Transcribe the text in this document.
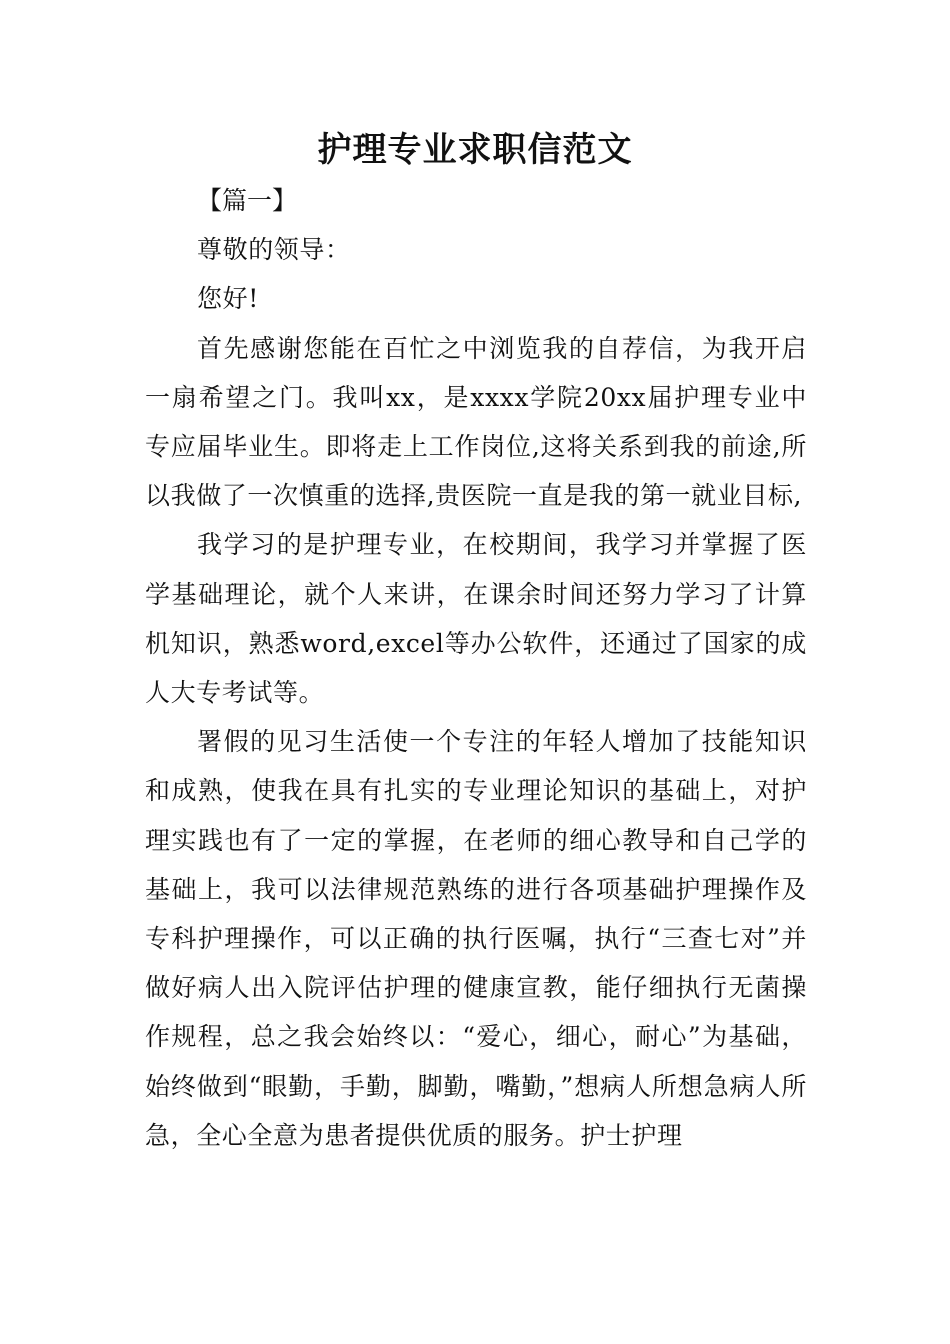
护理专业求职信范文

【篇一】

尊敬的领导：

您好!

首先感谢您能在百忙之中浏览我的自荐信，为我开启一扇希望之门。我叫xx，是xxxx学院20xx届护理专业中专应届毕业生。即将走上工作岗位,这将关系到我的前途,所以我做了一次慎重的选择,贵医院一直是我的第一就业目标,

我学习的是护理专业，在校期间，我学习并掌握了医学基础理论，就个人来讲，在课余时间还努力学习了计算机知识，熟悉word,excel等办公软件，还通过了国家的成人大专考试等。

署假的见习生活使一个专注的年轻人增加了技能知识和成熟，使我在具有扎实的专业理论知识的基础上，对护理实践也有了一定的掌握，在老师的细心教导和自己学的基础上，我可以法律规范熟练的进行各项基础护理操作及专科护理操作，可以正确的执行医嘱，执行“三查七对”并做好病人出入院评估护理的健康宣教，能仔细执行无菌操作规程，总之我会始终以：“爱心，细心，耐心”为基础，始终做到“眼勤，手勤，脚勤，嘴勤，”想病人所想急病人所急，全心全意为患者提供优质的服务。护士护理
